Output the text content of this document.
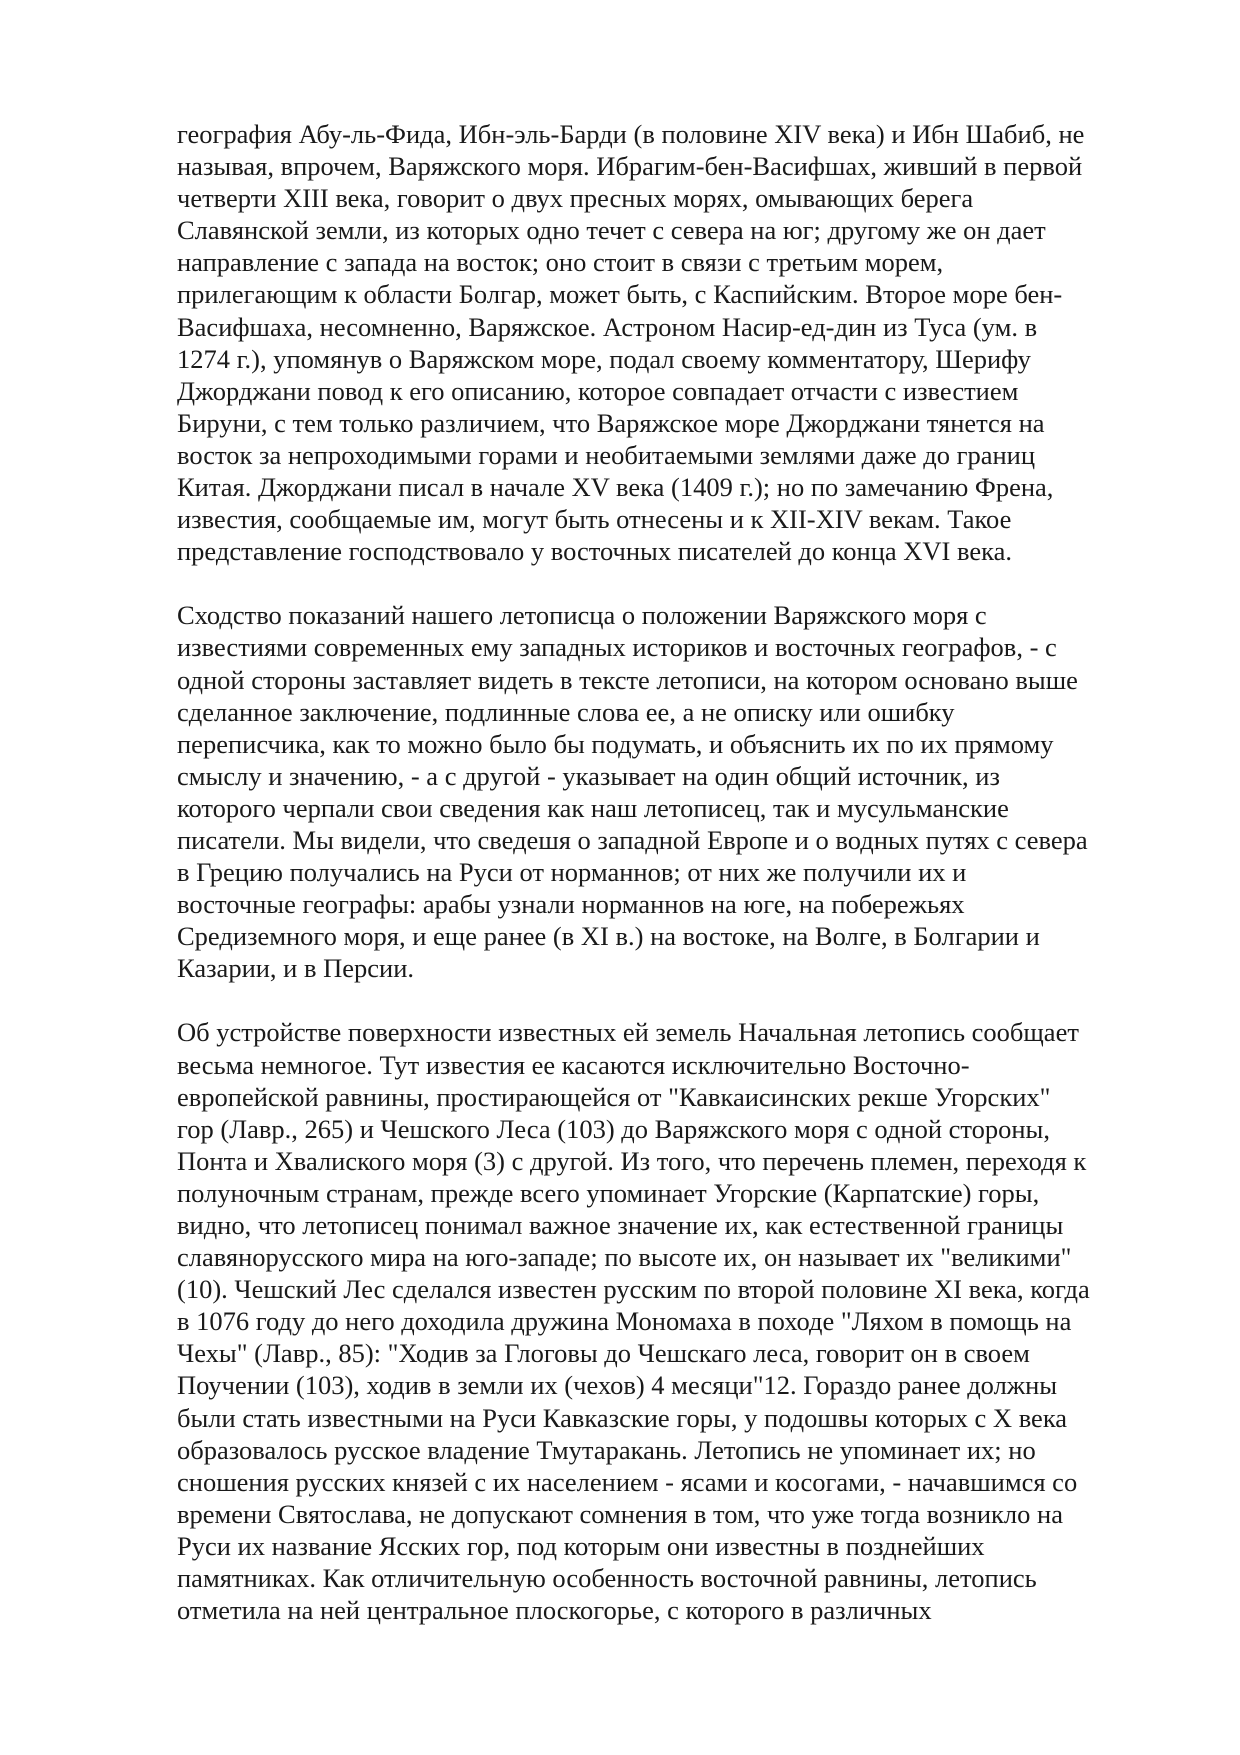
география Абу-ль-Фида, Ибн-эль-Барди (в половине XIV века) и Ибн Шабиб, не
называя, впрочем, Варяжского моря. Ибрагим-бен-Васифшах, живший в первой
четверти XIII века, говорит о двух пресных морях, омывающих берега
Славянской земли, из которых одно течет с севера на юг; другому же он дает
направление с запада на восток; оно стоит в связи с третьим морем,
прилегающим к области Болгар, может быть, с Каспийским. Второе море бен-
Васифшаха, несомненно, Варяжское. Астроном Насир-ед-дин из Туса (ум. в
1274 г.), упомянув о Варяжском море, подал своему комментатору, Шерифу
Джорджани повод к его описанию, которое совпадает отчасти с известием
Бируни, с тем только различием, что Варяжское море Джорджани тянется на
восток за непроходимыми горами и необитаемыми землями даже до границ
Китая. Джорджани писал в начале XV века (1409 г.); но по замечанию Френа,
известия, сообщаемые им, могут быть отнесены и к XII-XIV векам. Такое
представление господствовало у восточных писателей до конца XVI века.

Сходство показаний нашего летописца о положении Варяжского моря с
известиями современных ему западных историков и восточных географов, - с
одной стороны заставляет видеть в тексте летописи, на котором основано выше
сделанное заключение, подлинные слова ее, а не описку или ошибку
переписчика, как то можно было бы подумать, и объяснить их по их прямому
смыслу и значению, - а с другой - указывает на один общий источник, из
которого черпали свои сведения как наш летописец, так и мусульманские
писатели. Мы видели, что сведешя о западной Европе и о водных путях с севера
в Грецию получались на Руси от норманнов; от них же получили их и
восточные географы: арабы узнали норманнов на юге, на побережьях
Средиземного моря, и еще ранее (в XI в.) на востоке, на Волге, в Болгарии и
Казарии, и в Персии.

Об устройстве поверхности известных ей земель Начальная летопись сообщает
весьма немногое. Тут известия ее касаются исключительно Восточно-
европейской равнины, простирающейся от "Кавкаисинских рекше Угорских"
гор (Лавр., 265) и Чешского Леса (103) до Варяжского моря с одной стороны,
Понта и Хвалиского моря (3) с другой. Из того, что перечень племен, переходя к
полуночным странам, прежде всего упоминает Угорские (Карпатские) горы,
видно, что летописец понимал важное значение их, как естественной границы
славянорусского мира на юго-западе; по высоте их, он называет их "великими"
(10). Чешский Лес сделался известен русским по второй половине XI века, когда
в 1076 году до него доходила дружина Мономаха в походе "Ляхом в помощь на
Чехы" (Лавр., 85): "Ходив за Глоговы до Чешскаго леса, говорит он в своем
Поучении (103), ходив в земли их (чехов) 4 месяци"12. Гораздо ранее должны
были стать известными на Руси Кавказские горы, у подошвы которых с X века
образовалось русское владение Тмутаракань. Летопись не упоминает их; но
сношения русских князей с их населением - ясами и косогами, - начавшимся со
времени Святослава, не допускают сомнения в том, что уже тогда возникло на
Руси их название Ясских гор, под которым они известны в позднейших
памятниках. Как отличительную особенность восточной равнины, летопись
отметила на ней центральное плоскогорье, с которого в различных
